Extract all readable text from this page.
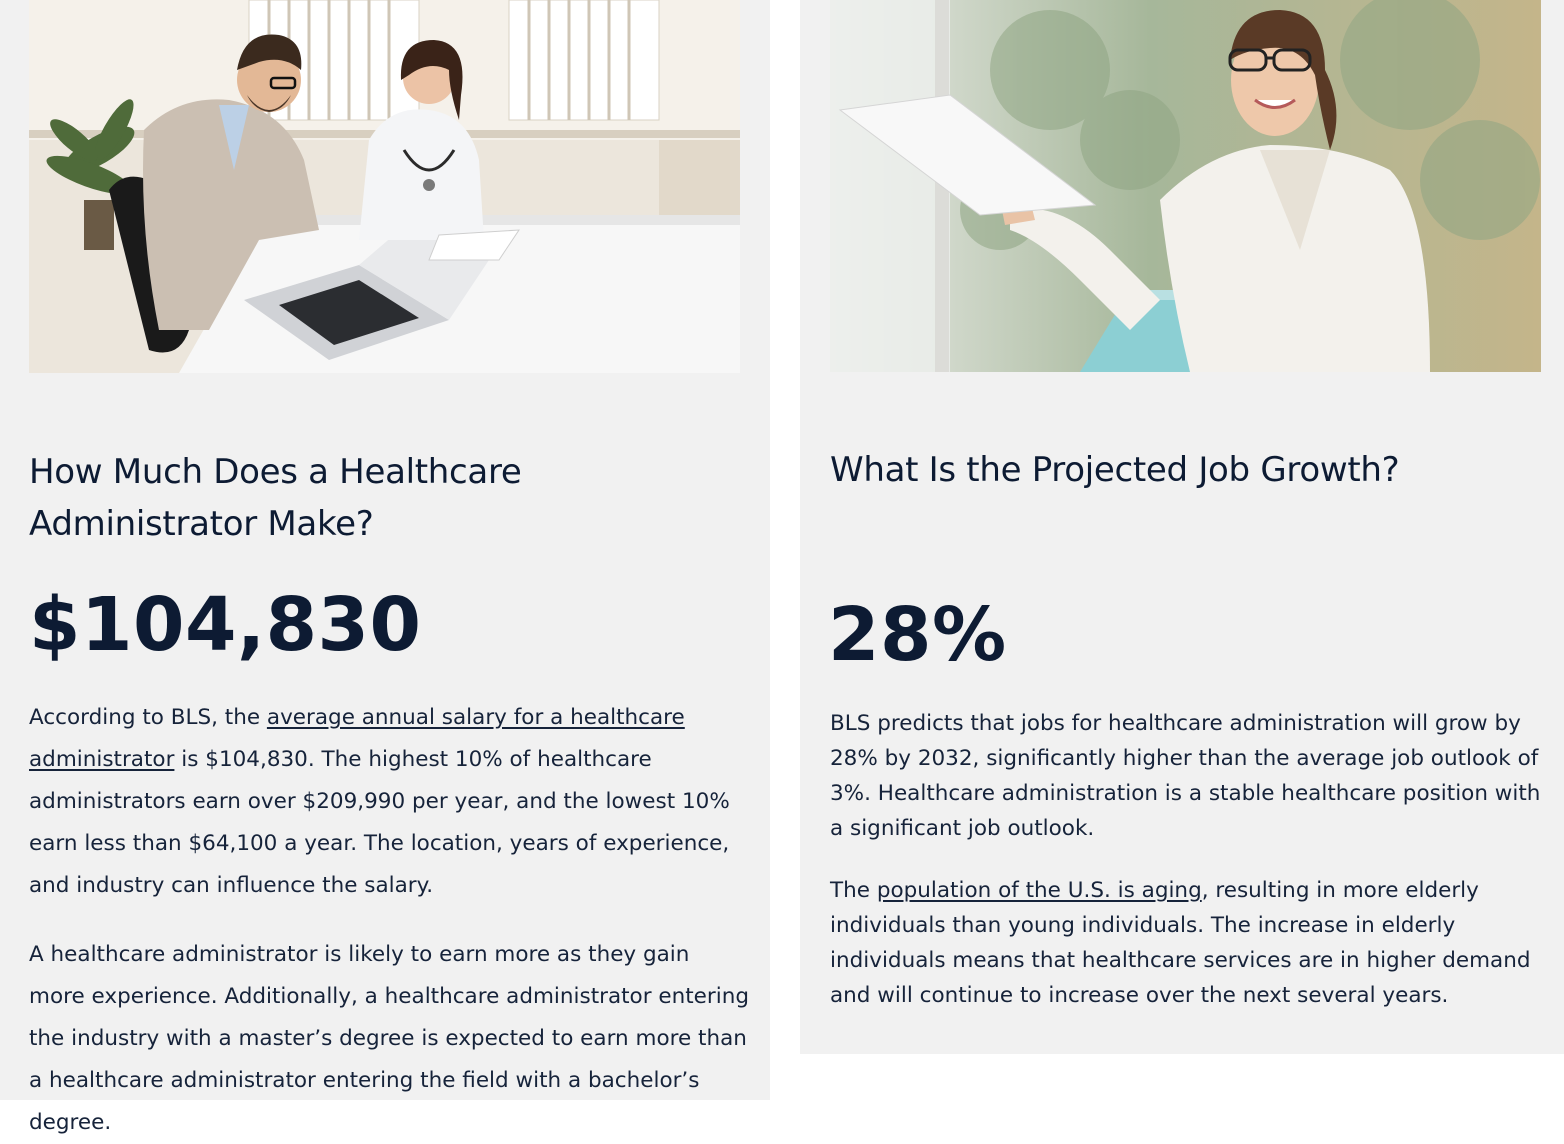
How Much Does a Healthcare Administrator Make?
$104,830

According to BLS, the average annual salary for a healthcare administrator is $104,830. The highest 10% of healthcare administrators earn over $209,990 per year, and the lowest 10% earn less than $64,100 a year. The location, years of experience, and industry can influence the salary.

A healthcare administrator is likely to earn more as they gain more experience. Additionally, a healthcare administrator entering the industry with a master’s degree is expected to earn more than a healthcare administrator entering the field with a bachelor’s degree.

What Is the Projected Job Growth?
28%

BLS predicts that jobs for healthcare administration will grow by 28% by 2032, significantly higher than the average job outlook of 3%. Healthcare administration is a stable healthcare position with a significant job outlook.

The population of the U.S. is aging, resulting in more elderly individuals than young individuals. The increase in elderly individuals means that healthcare services are in higher demand and will continue to increase over the next several years.
